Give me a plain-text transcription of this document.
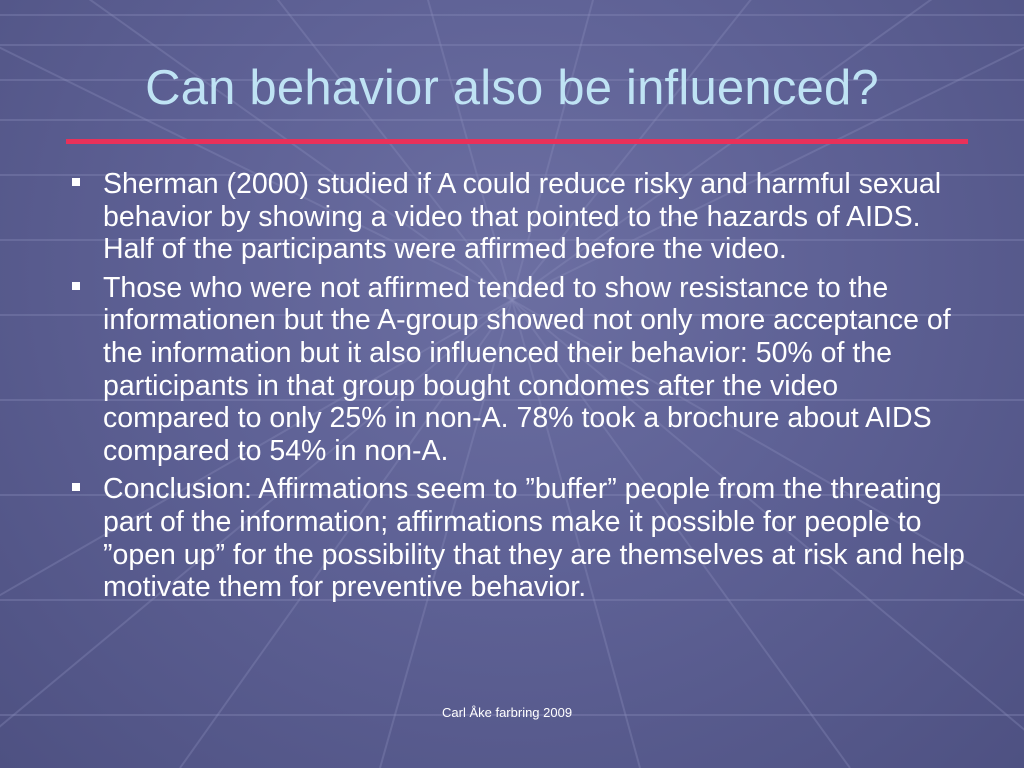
Can behavior also be influenced?
Sherman (2000) studied if A could reduce risky and harmful sexual behavior by showing a video that pointed to the hazards of AIDS. Half of the participants were affirmed before the video.
Those who were not affirmed tended to show resistance to the informationen but the A-group showed not only more acceptance of the information but it also influenced their behavior: 50% of the participants in that group bought condomes after the video compared to only 25% in non-A. 78% took a brochure about AIDS compared to 54% in non-A.
Conclusion: Affirmations seem to ”buffer” people from the threating part of the information; affirmations make it possible for people to ”open up” for the possibility that they are themselves at risk and help motivate them for preventive behavior.
Carl Åke farbring 2009
